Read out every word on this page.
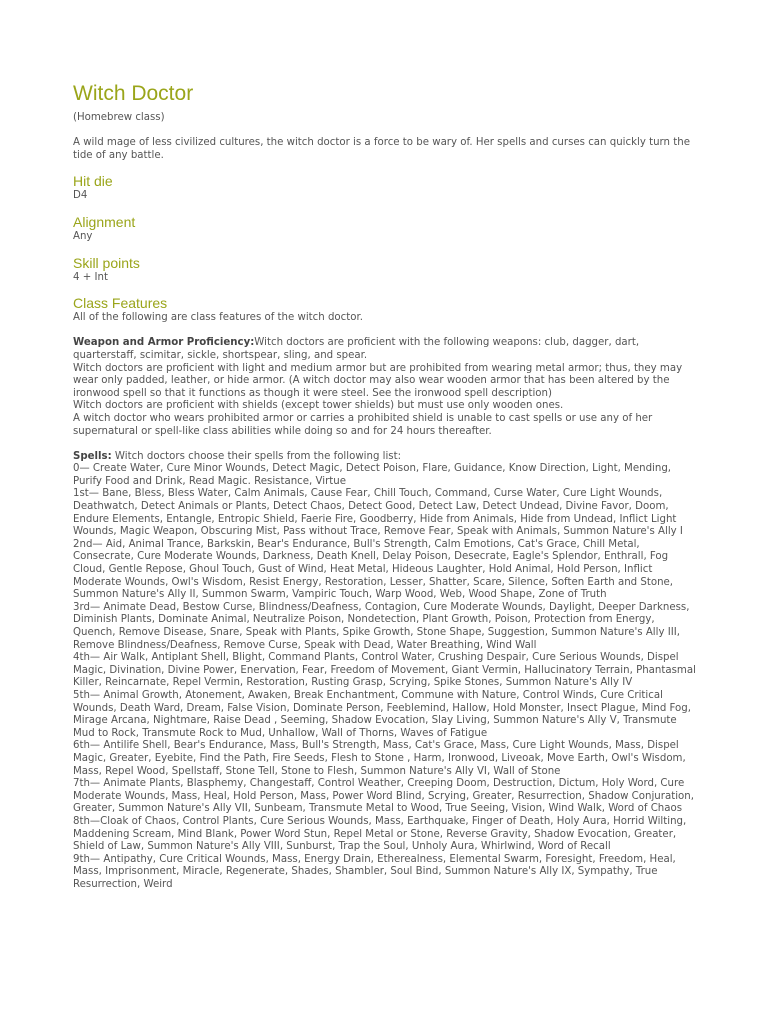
Witch Doctor

(Homebrew class)

A wild mage of less civilized cultures, the witch doctor is a force to be wary of. Her spells and curses can quickly turn the tide of any battle.

Hit die

D4

Alignment

Any

Skill points

4 + Int

Class Features

All of the following are class features of the witch doctor.

Weapon and Armor Proficiency:Witch doctors are proficient with the following weapons: club, dagger, dart, quarterstaff, scimitar, sickle, shortspear, sling, and spear.

Witch doctors are proficient with light and medium armor but are prohibited from wearing metal armor; thus, they may wear only padded, leather, or hide armor. (A witch doctor may also wear wooden armor that has been altered by the ironwood spell so that it functions as though it were steel. See the ironwood spell description)

Witch doctors are proficient with shields (except tower shields) but must use only wooden ones.

A witch doctor who wears prohibited armor or carries a prohibited shield is unable to cast spells or use any of her supernatural or spell-like class abilities while doing so and for 24 hours thereafter.

Spells: Witch doctors choose their spells from the following list:

0— Create Water, Cure Minor Wounds, Detect Magic, Detect Poison, Flare, Guidance, Know Direction, Light, Mending, Purify Food and Drink, Read Magic. Resistance, Virtue

1st— Bane, Bless, Bless Water, Calm Animals, Cause Fear, Chill Touch, Command, Curse Water, Cure Light Wounds, Deathwatch, Detect Animals or Plants, Detect Chaos, Detect Good, Detect Law, Detect Undead, Divine Favor, Doom, Endure Elements, Entangle, Entropic Shield, Faerie Fire, Goodberry, Hide from Animals, Hide from Undead, Inflict Light Wounds, Magic Weapon, Obscuring Mist, Pass without Trace, Remove Fear, Speak with Animals, Summon Nature's Ally I

2nd— Aid, Animal Trance, Barkskin, Bear's Endurance, Bull's Strength, Calm Emotions, Cat's Grace, Chill Metal, Consecrate, Cure Moderate Wounds, Darkness, Death Knell, Delay Poison, Desecrate, Eagle's Splendor, Enthrall, Fog Cloud, Gentle Repose, Ghoul Touch, Gust of Wind, Heat Metal, Hideous Laughter, Hold Animal, Hold Person, Inflict Moderate Wounds, Owl's Wisdom, Resist Energy, Restoration, Lesser, Shatter, Scare, Silence, Soften Earth and Stone, Summon Nature's Ally II, Summon Swarm, Vampiric Touch, Warp Wood, Web, Wood Shape, Zone of Truth

3rd— Animate Dead, Bestow Curse, Blindness/Deafness, Contagion, Cure Moderate Wounds, Daylight, Deeper Darkness, Diminish Plants, Dominate Animal, Neutralize Poison, Nondetection, Plant Growth, Poison, Protection from Energy, Quench, Remove Disease, Snare, Speak with Plants, Spike Growth, Stone Shape, Suggestion, Summon Nature's Ally III, Remove Blindness/Deafness, Remove Curse, Speak with Dead, Water Breathing, Wind Wall

4th— Air Walk, Antiplant Shell, Blight, Command Plants, Control Water, Crushing Despair, Cure Serious Wounds, Dispel Magic, Divination, Divine Power, Enervation, Fear, Freedom of Movement, Giant Vermin, Hallucinatory Terrain, Phantasmal Killer, Reincarnate, Repel Vermin, Restoration, Rusting Grasp, Scrying, Spike Stones, Summon Nature's Ally IV

5th— Animal Growth, Atonement, Awaken, Break Enchantment, Commune with Nature, Control Winds, Cure Critical Wounds, Death Ward, Dream, False Vision, Dominate Person, Feeblemind, Hallow, Hold Monster, Insect Plague, Mind Fog, Mirage Arcana, Nightmare, Raise Dead , Seeming, Shadow Evocation, Slay Living, Summon Nature's Ally V, Transmute Mud to Rock, Transmute Rock to Mud, Unhallow, Wall of Thorns, Waves of Fatigue

6th— Antilife Shell, Bear's Endurance, Mass, Bull's Strength, Mass, Cat's Grace, Mass, Cure Light Wounds, Mass, Dispel Magic, Greater, Eyebite, Find the Path, Fire Seeds, Flesh to Stone , Harm, Ironwood, Liveoak, Move Earth, Owl's Wisdom, Mass, Repel Wood, Spellstaff, Stone Tell, Stone to Flesh, Summon Nature's Ally VI, Wall of Stone

7th— Animate Plants, Blasphemy, Changestaff, Control Weather, Creeping Doom, Destruction, Dictum, Holy Word, Cure Moderate Wounds, Mass, Heal, Hold Person, Mass, Power Word Blind, Scrying, Greater, Resurrection, Shadow Conjuration, Greater, Summon Nature's Ally VII, Sunbeam, Transmute Metal to Wood, True Seeing, Vision, Wind Walk, Word of Chaos

8th—Cloak of Chaos, Control Plants, Cure Serious Wounds, Mass, Earthquake, Finger of Death, Holy Aura, Horrid Wilting, Maddening Scream, Mind Blank, Power Word Stun, Repel Metal or Stone, Reverse Gravity, Shadow Evocation, Greater, Shield of Law, Summon Nature's Ally VIII, Sunburst, Trap the Soul, Unholy Aura, Whirlwind, Word of Recall

9th— Antipathy, Cure Critical Wounds, Mass, Energy Drain, Etherealness, Elemental Swarm, Foresight, Freedom, Heal, Mass, Imprisonment, Miracle, Regenerate, Shades, Shambler, Soul Bind, Summon Nature's Ally IX, Sympathy, True Resurrection, Weird
